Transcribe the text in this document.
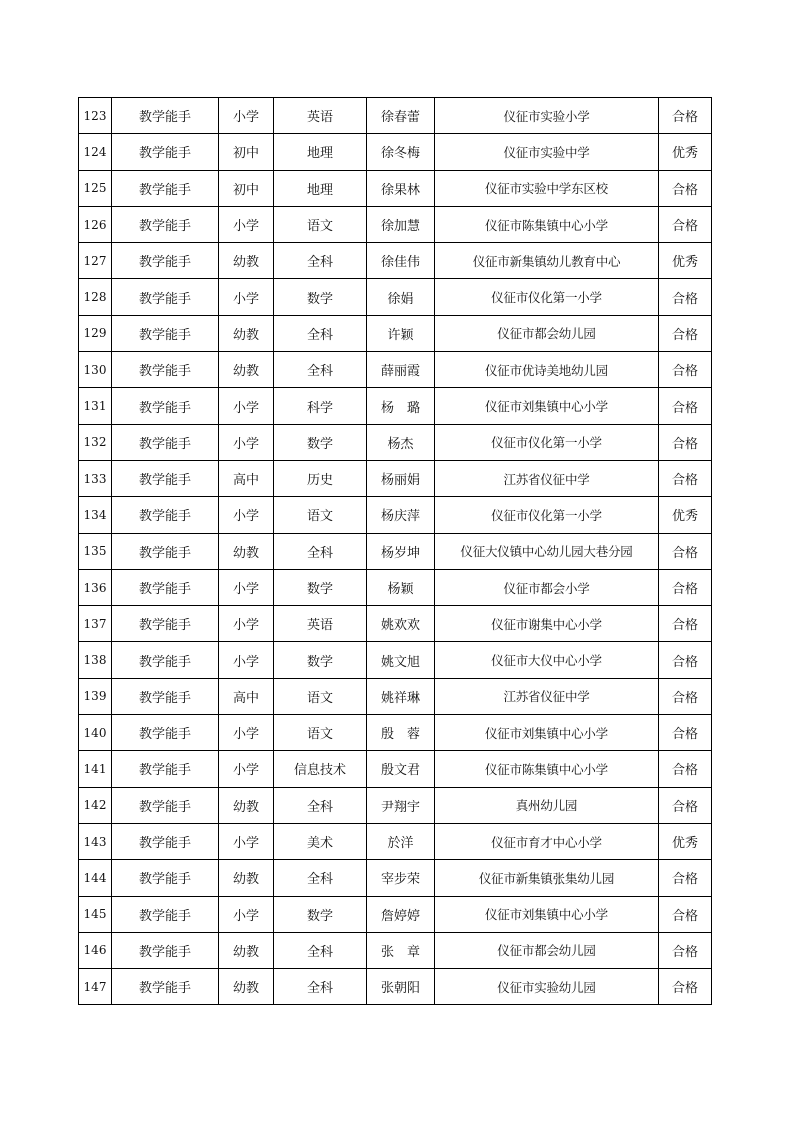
123	教学能手	小学	英语	徐春蕾	仪征市实验小学	合格
124	教学能手	初中	地理	徐冬梅	仪征市实验中学	优秀
125	教学能手	初中	地理	徐果林	仪征市实验中学东区校	合格
126	教学能手	小学	语文	徐加慧	仪征市陈集镇中心小学	合格
127	教学能手	幼教	全科	徐佳伟	仪征市新集镇幼儿教育中心	优秀
128	教学能手	小学	数学	徐娟	仪征市仪化第一小学	合格
129	教学能手	幼教	全科	许颖	仪征市都会幼儿园	合格
130	教学能手	幼教	全科	薛丽霞	仪征市优诗美地幼儿园	合格
131	教学能手	小学	科学	杨　璐	仪征市刘集镇中心小学	合格
132	教学能手	小学	数学	杨杰	仪征市仪化第一小学	合格
133	教学能手	高中	历史	杨丽娟	江苏省仪征中学	合格
134	教学能手	小学	语文	杨庆萍	仪征市仪化第一小学	优秀
135	教学能手	幼教	全科	杨岁坤	仪征大仪镇中心幼儿园大巷分园	合格
136	教学能手	小学	数学	杨颖	仪征市都会小学	合格
137	教学能手	小学	英语	姚欢欢	仪征市谢集中心小学	合格
138	教学能手	小学	数学	姚文旭	仪征市大仪中心小学	合格
139	教学能手	高中	语文	姚祥琳	江苏省仪征中学	合格
140	教学能手	小学	语文	殷　蓉	仪征市刘集镇中心小学	合格
141	教学能手	小学	信息技术	殷文君	仪征市陈集镇中心小学	合格
142	教学能手	幼教	全科	尹翔宇	真州幼儿园	合格
143	教学能手	小学	美术	於洋	仪征市育才中心小学	优秀
144	教学能手	幼教	全科	宰步荣	仪征市新集镇张集幼儿园	合格
145	教学能手	小学	数学	詹婷婷	仪征市刘集镇中心小学	合格
146	教学能手	幼教	全科	张　章	仪征市都会幼儿园	合格
147	教学能手	幼教	全科	张朝阳	仪征市实验幼儿园	合格
